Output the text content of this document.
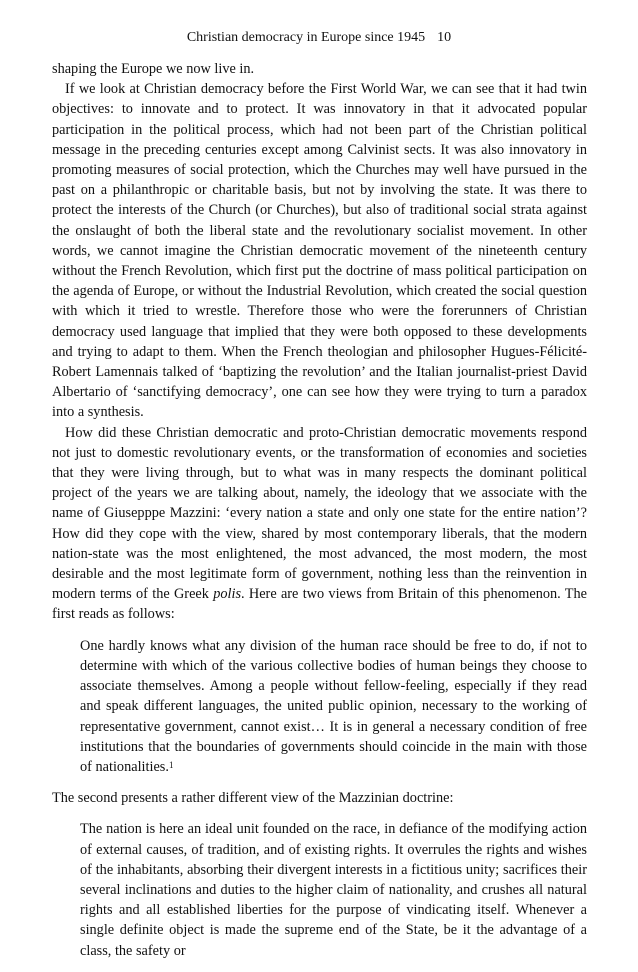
Christian democracy in Europe since 1945 10

shaping the Europe we now live in.

If we look at Christian democracy before the First World War, we can see that it had twin objectives: to innovate and to protect. It was innovatory in that it advocated popular participation in the political process, which had not been part of the Christian political message in the preceding centuries except among Calvinist sects. It was also innovatory in promoting measures of social protection, which the Churches may well have pursued in the past on a philanthropic or charitable basis, but not by involving the state. It was there to protect the interests of the Church (or Churches), but also of traditional social strata against the onslaught of both the liberal state and the revolutionary socialist movement. In other words, we cannot imagine the Christian democratic movement of the nineteenth century without the French Revolution, which first put the doctrine of mass political participation on the agenda of Europe, or without the Industrial Revolution, which created the social question with which it tried to wrestle. Therefore those who were the forerunners of Christian democracy used language that implied that they were both opposed to these developments and trying to adapt to them. When the French theologian and philosopher Hugues-Félicité-Robert Lamennais talked of ‘baptizing the revolution’ and the Italian journalist-priest David Albertario of ‘sanctifying democracy’, one can see how they were trying to turn a paradox into a synthesis.

How did these Christian democratic and proto-Christian democratic movements respond not just to domestic revolutionary events, or the transformation of economies and societies that they were living through, but to what was in many respects the dominant political project of the years we are talking about, namely, the ideology that we associate with the name of Giusepppe Mazzini: ‘every nation a state and only one state for the entire nation’? How did they cope with the view, shared by most contemporary liberals, that the modern nation-state was the most enlightened, the most advanced, the most modern, the most desirable and the most legitimate form of government, nothing less than the reinvention in modern terms of the Greek polis. Here are two views from Britain of this phenomenon. The first reads as follows:

One hardly knows what any division of the human race should be free to do, if not to determine with which of the various collective bodies of human beings they choose to associate themselves. Among a people without fellow-feeling, especially if they read and speak different languages, the united public opinion, necessary to the working of representative government, cannot exist… It is in general a necessary condition of free institutions that the boundaries of governments should coincide in the main with those of nationalities.$^1$

The second presents a rather different view of the Mazzinian doctrine:

The nation is here an ideal unit founded on the race, in defiance of the modifying action of external causes, of tradition, and of existing rights. It overrules the rights and wishes of the inhabitants, absorbing their divergent interests in a fictitious unity; sacrifices their several inclinations and duties to the higher claim of nationality, and crushes all natural rights and all established liberties for the purpose of vindicating itself. Whenever a single definite object is made the supreme end of the State, be it the advantage of a class, the safety or
